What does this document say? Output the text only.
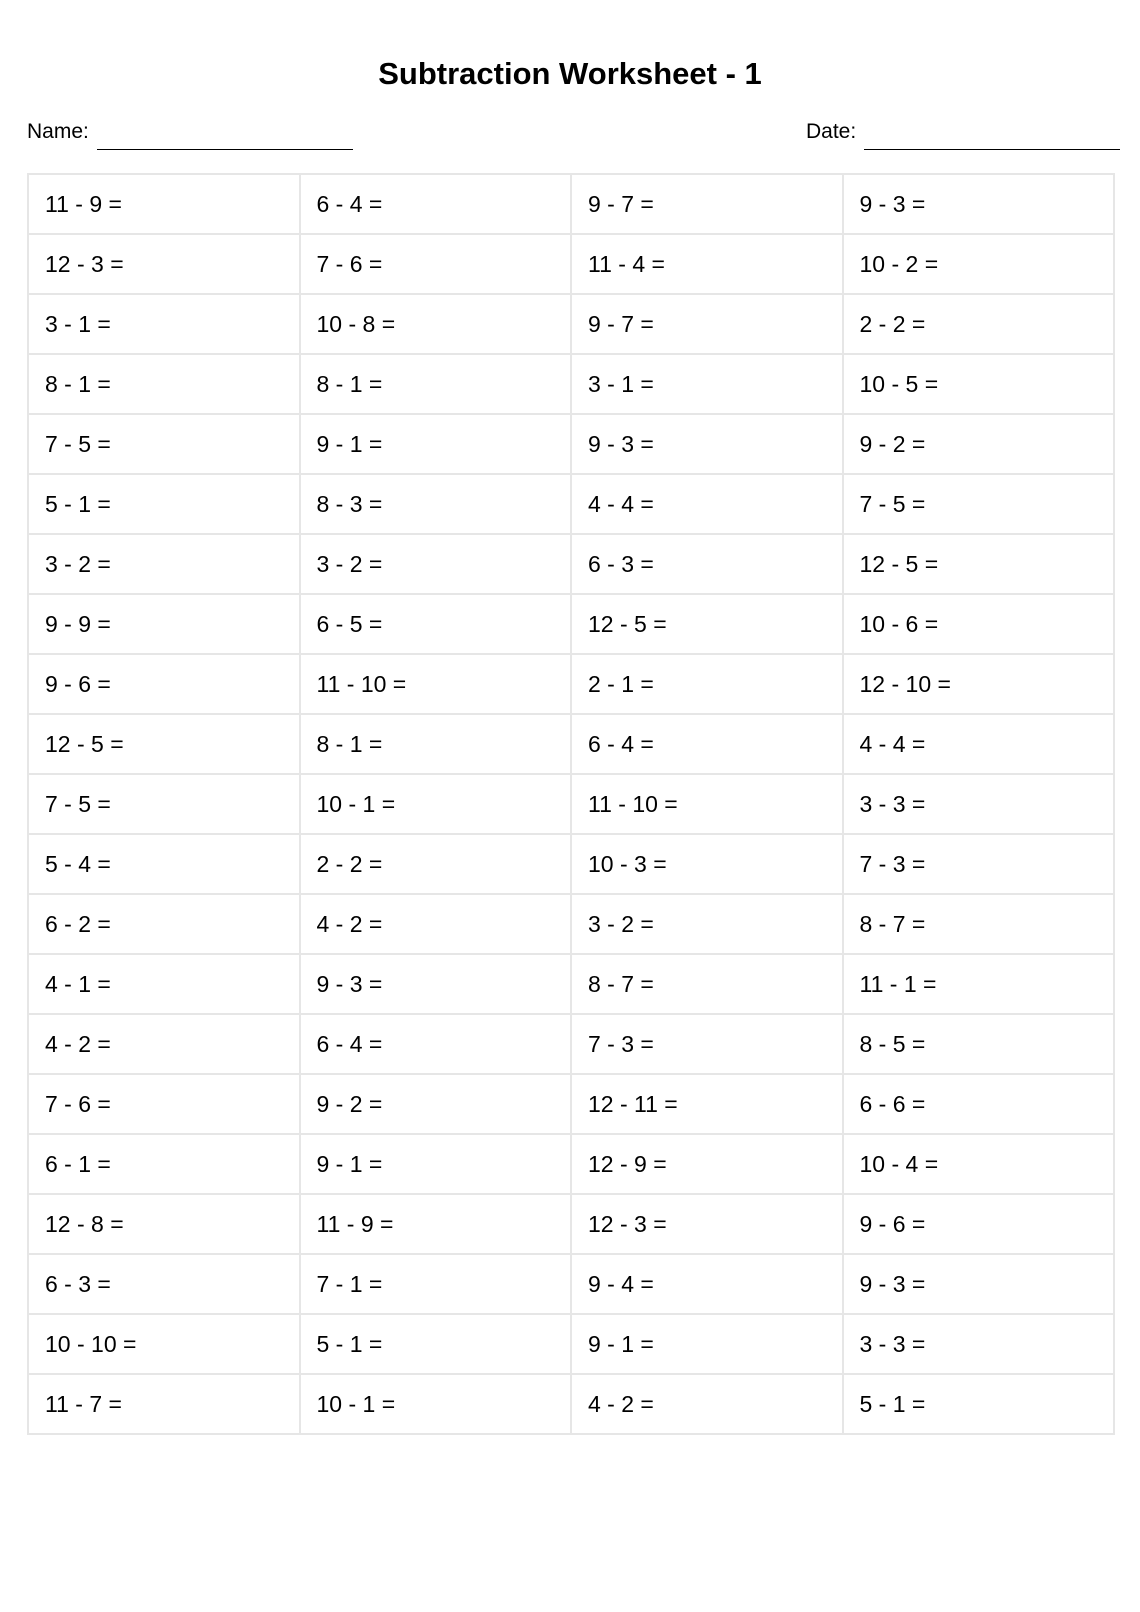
Subtraction Worksheet - 1
Name:	Date:
11 - 9 =	6 - 4 =	9 - 7 =	9 - 3 =
12 - 3 =	7 - 6 =	11 - 4 =	10 - 2 =
3 - 1 =	10 - 8 =	9 - 7 =	2 - 2 =
8 - 1 =	8 - 1 =	3 - 1 =	10 - 5 =
7 - 5 =	9 - 1 =	9 - 3 =	9 - 2 =
5 - 1 =	8 - 3 =	4 - 4 =	7 - 5 =
3 - 2 =	3 - 2 =	6 - 3 =	12 - 5 =
9 - 9 =	6 - 5 =	12 - 5 =	10 - 6 =
9 - 6 =	11 - 10 =	2 - 1 =	12 - 10 =
12 - 5 =	8 - 1 =	6 - 4 =	4 - 4 =
7 - 5 =	10 - 1 =	11 - 10 =	3 - 3 =
5 - 4 =	2 - 2 =	10 - 3 =	7 - 3 =
6 - 2 =	4 - 2 =	3 - 2 =	8 - 7 =
4 - 1 =	9 - 3 =	8 - 7 =	11 - 1 =
4 - 2 =	6 - 4 =	7 - 3 =	8 - 5 =
7 - 6 =	9 - 2 =	12 - 11 =	6 - 6 =
6 - 1 =	9 - 1 =	12 - 9 =	10 - 4 =
12 - 8 =	11 - 9 =	12 - 3 =	9 - 6 =
6 - 3 =	7 - 1 =	9 - 4 =	9 - 3 =
10 - 10 =	5 - 1 =	9 - 1 =	3 - 3 =
11 - 7 =	10 - 1 =	4 - 2 =	5 - 1 =
